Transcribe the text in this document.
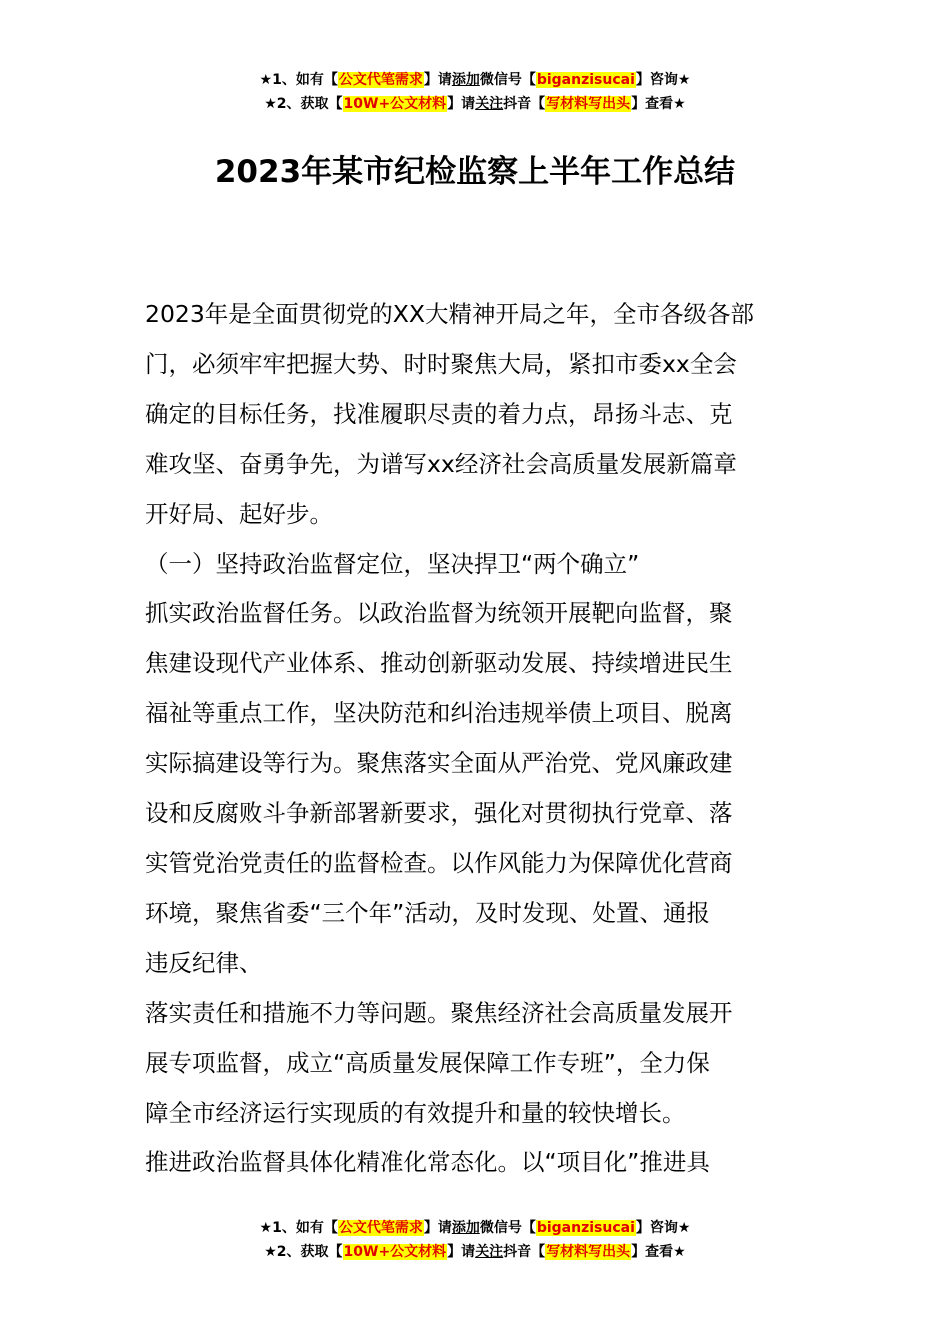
★1、如有【公文代笔需求】请添加微信号【biganzisucai】咨询★
★2、获取【10W+公文材料】请关注抖音【写材料写出头】查看★
2023年某市纪检监察上半年工作总结

2023年是全面贯彻党的XX大精神开局之年，全市各级各部

门，必须牢牢把握大势、时时聚焦大局，紧扣市委xx全会

确定的目标任务，找准履职尽责的着力点，昂扬斗志、克

难攻坚、奋勇争先，为谱写xx经济社会高质量发展新篇章

开好局、起好步。

（一）坚持政治监督定位，坚决捍卫“两个确立”

抓实政治监督任务。以政治监督为统领开展靶向监督，聚

焦建设现代产业体系、推动创新驱动发展、持续增进民生

福祉等重点工作，坚决防范和纠治违规举债上项目、脱离

实际搞建设等行为。聚焦落实全面从严治党、党风廉政建

设和反腐败斗争新部署新要求，强化对贯彻执行党章、落

实管党治党责任的监督检查。以作风能力为保障优化营商

环境，聚焦省委“三个年”活动，及时发现、处置、通报

违反纪律、

落实责任和措施不力等问题。聚焦经济社会高质量发展开

展专项监督，成立“高质量发展保障工作专班”，全力保

障全市经济运行实现质的有效提升和量的较快增长。

推进政治监督具体化精准化常态化。以“项目化”推进具

★1、如有【公文代笔需求】请添加微信号【biganzisucai】咨询★
★2、获取【10W+公文材料】请关注抖音【写材料写出头】查看★
